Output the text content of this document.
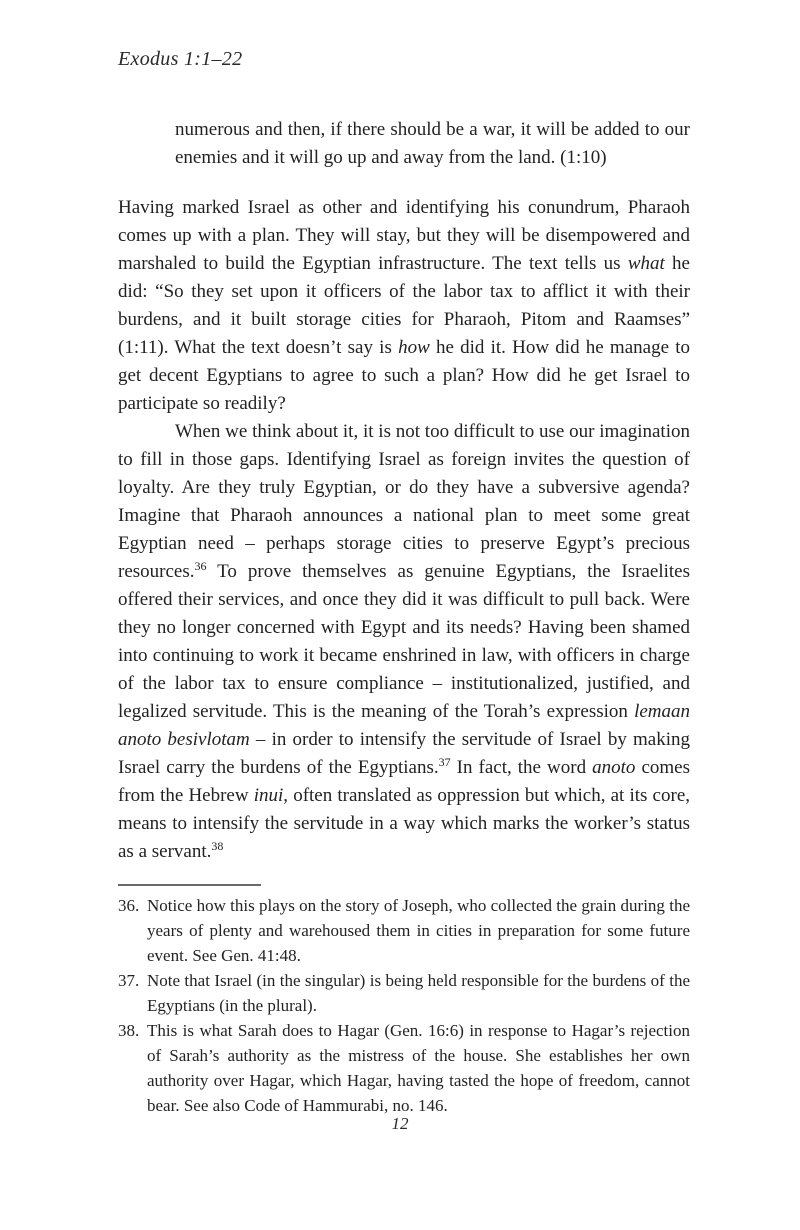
Exodus 1:1–22
numerous and then, if there should be a war, it will be added to our enemies and it will go up and away from the land. (1:10)

Having marked Israel as other and identifying his conundrum, Pharaoh comes up with a plan. They will stay, but they will be disempowered and marshaled to build the Egyptian infrastructure. The text tells us what he did: “So they set upon it officers of the labor tax to afflict it with their burdens, and it built storage cities for Pharaoh, Pitom and Raamses” (1:11). What the text doesn’t say is how he did it. How did he manage to get decent Egyptians to agree to such a plan? How did he get Israel to participate so readily?

When we think about it, it is not too difficult to use our imagination to fill in those gaps. Identifying Israel as foreign invites the question of loyalty. Are they truly Egyptian, or do they have a subversive agenda? Imagine that Pharaoh announces a national plan to meet some great Egyptian need – perhaps storage cities to preserve Egypt’s precious resources.$^{36}$ To prove themselves as genuine Egyptians, the Israelites offered their services, and once they did it was difficult to pull back. Were they no longer concerned with Egypt and its needs? Having been shamed into continuing to work it became enshrined in law, with officers in charge of the labor tax to ensure compliance – institutionalized, justified, and legalized servitude. This is the meaning of the Torah’s expression lemaan anoto besivlotam – in order to intensify the servitude of Israel by making Israel carry the burdens of the Egyptians.$^{37}$ In fact, the word anoto comes from the Hebrew inui, often translated as oppression but which, at its core, means to intensify the servitude in a way which marks the worker’s status as a servant.$^{38}$

36. Notice how this plays on the story of Joseph, who collected the grain during the years of plenty and warehoused them in cities in preparation for some future event. See Gen. 41:48.
37. Note that Israel (in the singular) is being held responsible for the burdens of the Egyptians (in the plural).
38. This is what Sarah does to Hagar (Gen. 16:6) in response to Hagar’s rejection of Sarah’s authority as the mistress of the house. She establishes her own authority over Hagar, which Hagar, having tasted the hope of freedom, cannot bear. See also Code of Hammurabi, no. 146.
12
